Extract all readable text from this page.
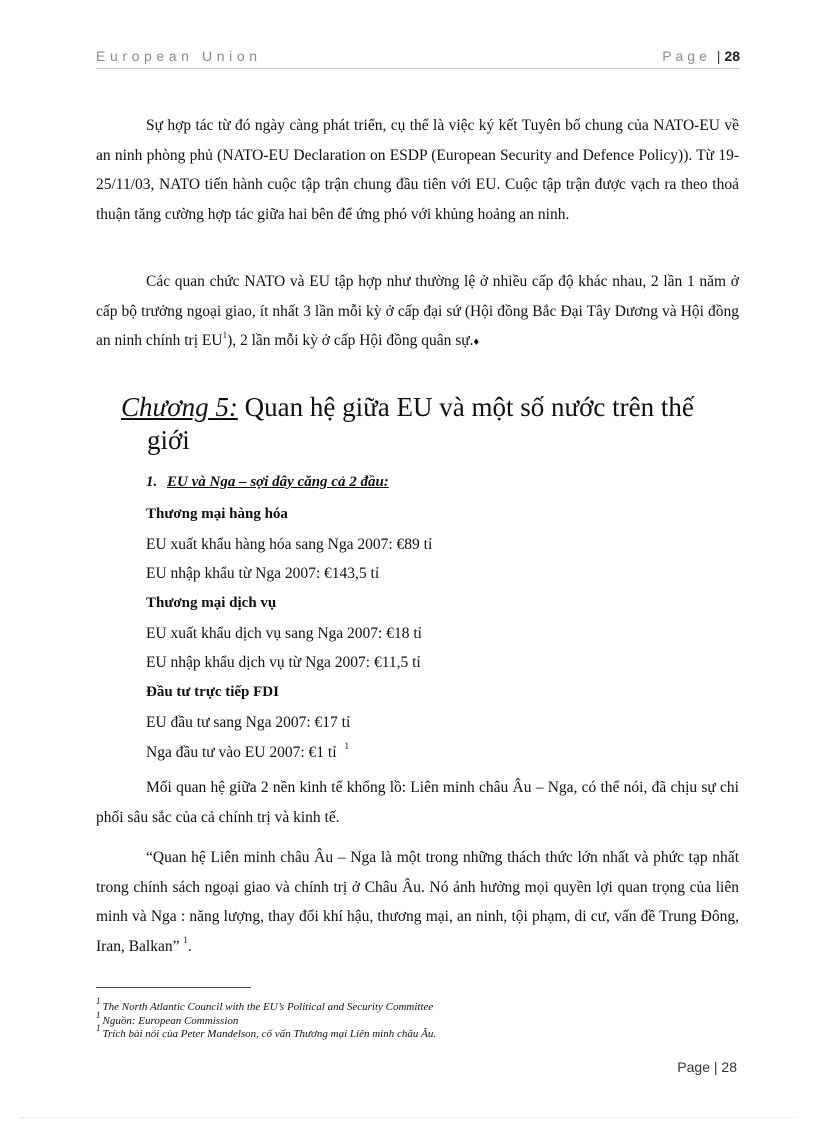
European Union	Page | 28

Sự hợp tác từ đó ngày càng phát triển, cụ thể là việc ký kết Tuyên bố chung của NATO-EU về an ninh phòng phủ (NATO-EU Declaration on ESDP (European Security and Defence Policy)). Từ 19-25/11/03, NATO tiến hành cuộc tập trận chung đầu tiên với EU. Cuộc tập trận được vạch ra theo thoả thuận tăng cường hợp tác giữa hai bên để ứng phó với khủng hoảng an ninh.

Các quan chức NATO và EU tập hợp như thường lệ ở nhiều cấp độ khác nhau, 2 lần 1 năm ở cấp bộ trưởng ngoại giao, ít nhất 3 lần mỗi kỳ ở cấp đại sứ (Hội đồng Bắc Đại Tây Dương và Hội đồng an ninh chính trị $EU^1$), 2 lần mỗi kỳ ở cấp Hội đồng quân sự.♦

Chương 5: Quan hệ giữa EU và một số nước trên thế
giới
1. EU và Nga – sợi dây căng cả 2 đầu:
Thương mại hàng hóa
EU xuất khẩu hàng hóa sang Nga 2007: €89 tỉ
EU nhập khẩu từ Nga 2007: €143,5 tỉ
Thương mại dịch vụ
EU xuất khẩu dịch vụ sang Nga 2007: €18 tỉ
EU nhập khẩu dịch vụ từ Nga 2007: €11,5 tỉ
Đầu tư trực tiếp FDI
EU đầu tư sang Nga 2007: €17 tỉ
Nga đầu tư vào EU 2007: €1 tỉ $^1$

Mối quan hệ giữa 2 nền kinh tế khổng lồ: Liên minh châu Âu – Nga, có thể nói, đã chịu sự chi phối sâu sắc của cả chính trị và kinh tế.

“Quan hệ Liên minh châu Âu – Nga là một trong những thách thức lớn nhất và phức tạp nhất trong chính sách ngoại giao và chính trị ở Châu Âu. Nó ảnh hưởng mọi quyền lợi quan trọng của liên minh và Nga : năng lượng, thay đổi khí hậu, thương mại, an ninh, tội phạm, di cư, vấn đề Trung Đông, Iran, Balkan” $^1$.

$^1$ The North Atlantic Council with the EU’s Political and Security Committee
$^1$ Nguồn: European Commission
$^1$ Trích bài nói của Peter Mandelson, cố vấn Thương mại Liên minh châu Âu.
Page | 28
